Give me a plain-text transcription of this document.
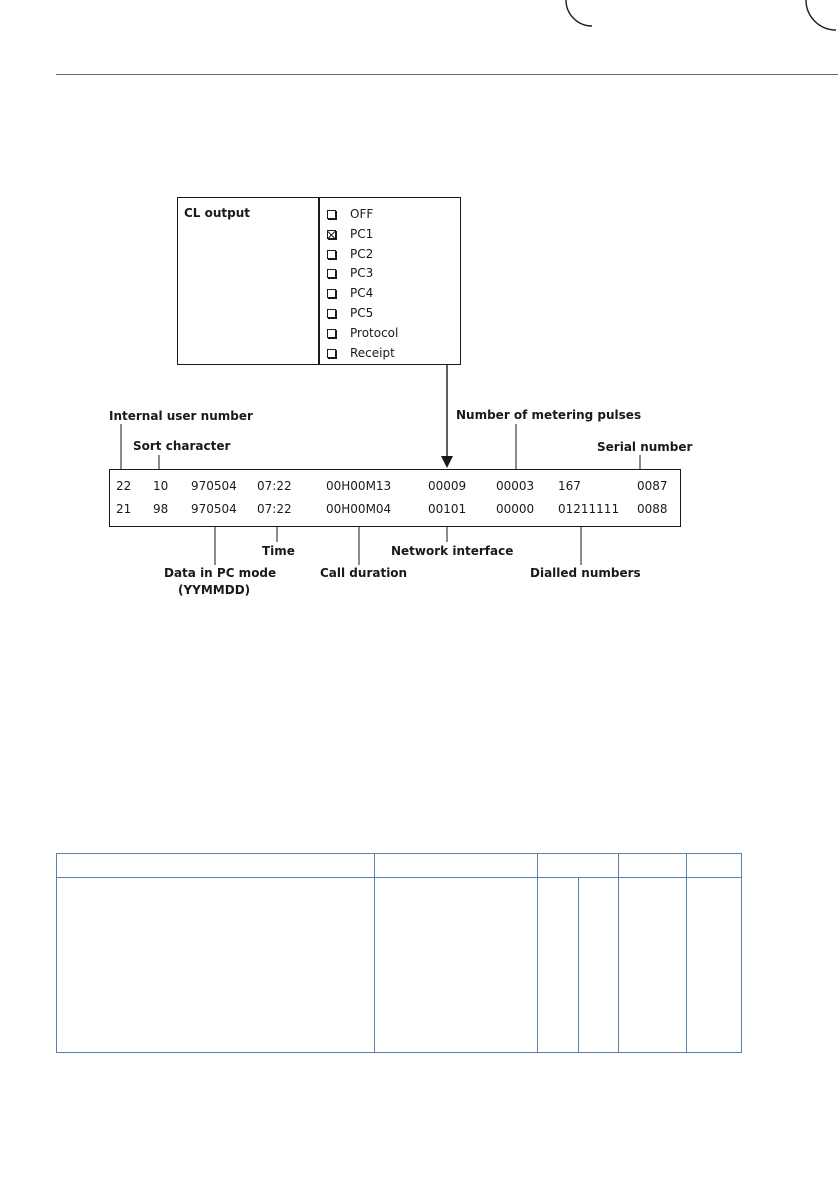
CL output	OFF
PC1
PC2
PC3
PC4
PC5
Protocol
Receipt
Internal user number
Sort character
Number of metering pulses
Serial number
22 10 970504 07:22	00H00M13	00009 00003 167	0087
21 98 970504 07:22	00H00M04	00101 00000 01211111 0088
Time	Network interface
Data in PC mode
(YYMMDD)
Call duration	Dialled numbers
